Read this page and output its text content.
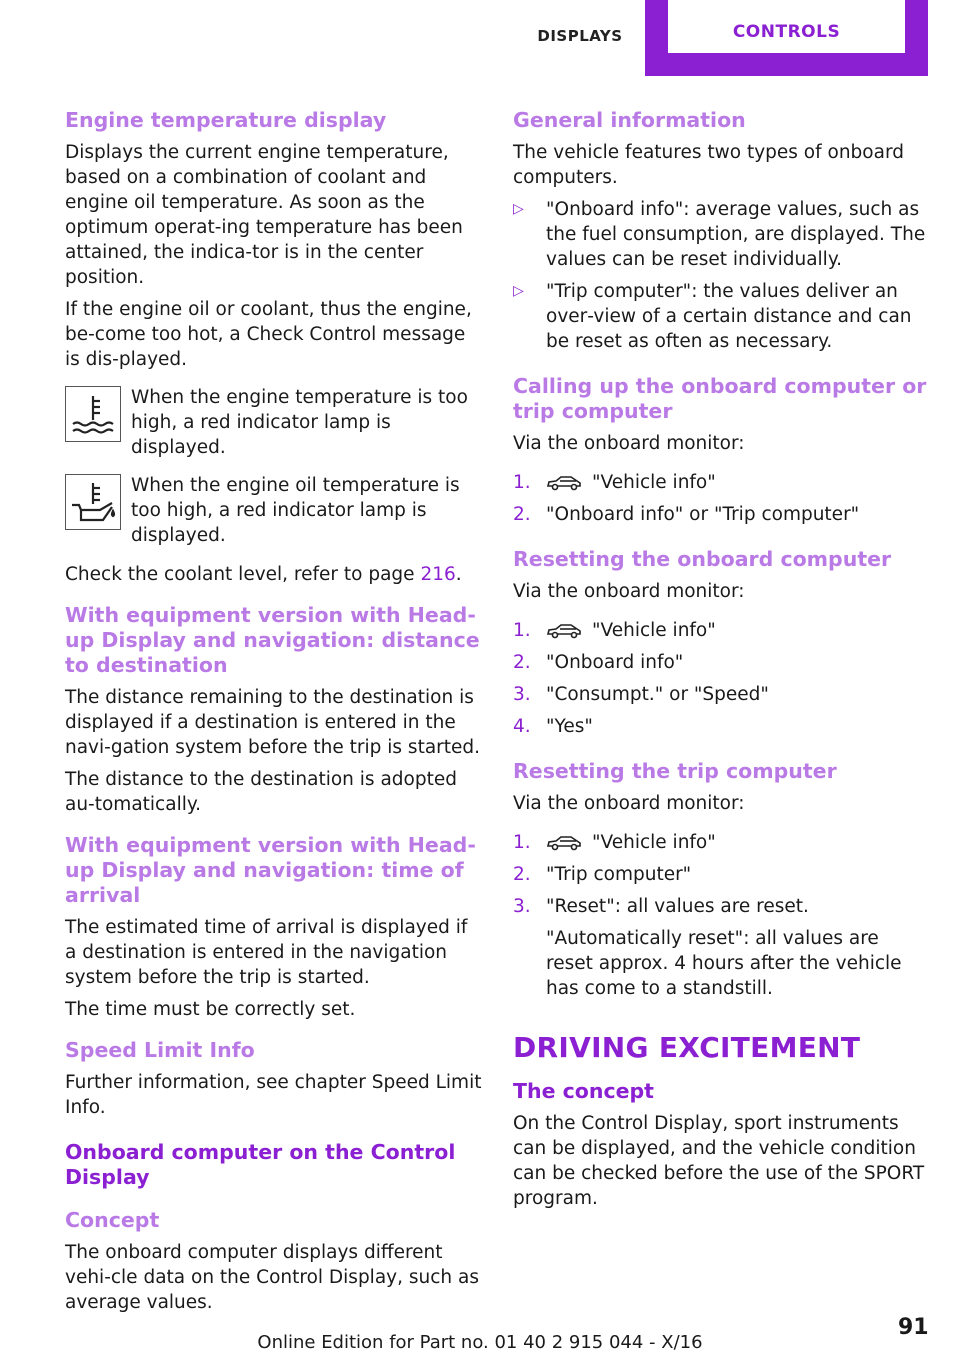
DISPLAYS	CONTROLS
Engine temperature display

Displays the current engine temperature, based on a combination of coolant and engine oil temperature. As soon as the optimum operat‐ing temperature has been attained, the indica‐tor is in the center position.

If the engine oil or coolant, thus the engine, be‐come too hot, a Check Control message is dis‐played.

When the engine temperature is too high, a red indicator lamp is displayed.
When the engine oil temperature is too high, a red indicator lamp is displayed.

Check the coolant level, refer to page 216.

With equipment version with Head-up Display and navigation: distance to destination

The distance remaining to the destination is displayed if a destination is entered in the navi‐gation system before the trip is started.

The distance to the destination is adopted au‐tomatically.

With equipment version with Head-up Display and navigation: time of arrival

The estimated time of arrival is displayed if a destination is entered in the navigation system before the trip is started.

The time must be correctly set.

Speed Limit Info

Further information, see chapter Speed Limit Info.

Onboard computer on the Control Display
Concept

The onboard computer displays different vehi‐cle data on the Control Display, such as average values.

General information

The vehicle features two types of onboard computers.

▷ "Onboard info": average values, such as the fuel consumption, are displayed. The values can be reset individually.
▷ "Trip computer": the values deliver an over‐view of a certain distance and can be reset as often as necessary.
Calling up the onboard computer or trip computer

Via the onboard monitor:

1.	"Vehicle info"
2. "Onboard info" or "Trip computer"
Resetting the onboard computer

Via the onboard monitor:

1.	"Vehicle info"
2. "Onboard info"
3. "Consumpt." or "Speed"
4. "Yes"
Resetting the trip computer

Via the onboard monitor:

1.	"Vehicle info"
2. "Trip computer"
3. "Reset": all values are reset.

"Automatically reset": all values are reset approx. 4 hours after the vehicle has come to a standstill.

DRIVING EXCITEMENT
The concept

On the Control Display, sport instruments can be displayed, and the vehicle condition can be checked before the use of the SPORT program.

91
Online Edition for Part no. 01 40 2 915 044 - X/16
